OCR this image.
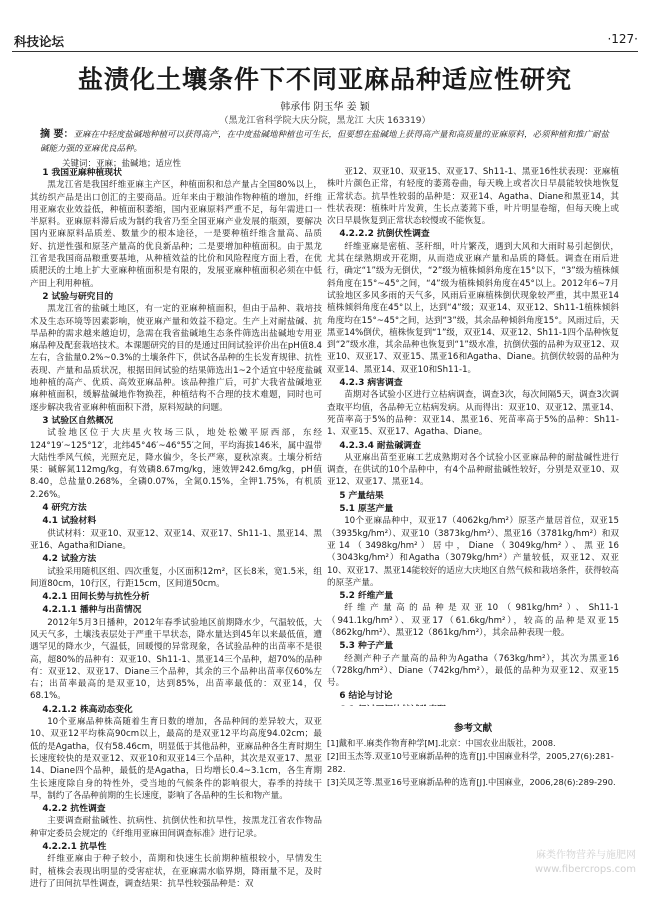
科技论坛	·127·
盐渍化土壤条件下不同亚麻品种适应性研究
韩承伟 阴玉华 姜 颖
（黑龙江省科学院大庆分院，黑龙江 大庆 163319）
摘 要：亚麻在中轻度盐碱地种植可以获得高产，在中度盐碱地种植也可生长，但要想在盐碱地上获得高产量和高质量的亚麻原料，必须种植和推广耐盐碱能力强的亚麻优良品种。
关键词：亚麻；盐碱地；适应性
1 我国亚麻种植现状

黑龙江省是我国纤维亚麻主产区，种植面积和总产量占全国80%以上，其纺织产品是出口创汇的主要商品。近年来由于粮油作物种植的增加，纤维用亚麻农业效益低，种植面积萎缩，国内亚麻原料严重不足，每年需进口一半原料。亚麻原料滞后成为制约我省乃至全国亚麻产业发展的瓶颈，要解决国内亚麻原料品质差、数量少的根本途径，一是要种植纤维含量高、品质好、抗逆性强和原茎产量高的优良新品种；二是要增加种植面积。由于黑龙江省是我国商品粮重要基地，从种植效益的比价和风险程度方面上看，在优质肥沃的土地上扩大亚麻种植面积是有限的，发展亚麻种植面积必须在中低产田上利用种植。

2 试验与研究目的

黑龙江省的盐碱土地区，有一定的亚麻种植面积，但由于品种、栽培技术及生态环境等因素影响，使亚麻产量和效益不稳定。生产上对耐盐碱、抗旱品种的需求越来越迫切，急需在我省盐碱地生态条件筛选出盐碱地专用亚麻品种及配套栽培技术。本课题研究的目的是通过田间试验评价出在pH值8.4左右，含盐量0.2%~0.3%的土壤条件下，供试各品种的生长发育规律、抗性表现、产量和品质状况，根据田间试验的结果筛选出1~2个适宜中轻度盐碱地种植的高产、优质、高效亚麻品种。该品种推广后，可扩大我省盐碱地亚麻种植面积，缓解盐碱地作物换茬，种植结构不合理的技术难题，同时也可逐步解决我省亚麻种植面积下滑，原料短缺的问题。

3 试验区自然概况

试验地区位于大庆星火牧场三队，地处松嫩平原西部，东经124°19′~125°12′，北纬45°46′~46°55′之间，平均海拔146米，属中温带大陆性季风气候，光照充足，降水偏少，冬长严寒，夏秋凉爽。土壤分析结果：碱解氮112mg/kg，有效磷8.67mg/kg，速效钾242.6mg/kg，pH值8.40，总盐量0.268%，全磷0.07%，全氮0.15%，全钾1.75%，有机质2.26%。

4 研究方法
4.1 试验材料

供试材料：双亚10、双亚12、双亚14、双亚17、Sh11-1、黑亚14、黑亚16、Agatha和Diane。

4.2 试验方法

试验采用随机区组、四次重复，小区面积12m²，区长8米，宽1.5米，组间道80cm，10行区，行距15cm，区间道50cm。

4.2.1 田间长势与抗性分析
4.2.1.1 播种与出苗情况

2012年5月3日播种，2012年春季试验地区前期降水少，气温较低，大风天气多，土壤浅表层处于严重干旱状态，降水量达到45年以来最低值，遭遇罕见的降水少，气温低，回暖慢的异常现象，各试验品种的出苗率不是很高，超80%的品种有：双亚10、Sh11-1、黑亚14三个品种，超70%的品种有：双亚12、双亚17、Diane三个品种，其余的三个品种出苗率仅60%左右；出苗率最高的是双亚10，达到85%，出苗率最低的：双亚14，仅68.1%。

4.2.1.2 株高动态变化

10个亚麻品种株高随着生育日数的增加，各品种间的差异较大，双亚10、双亚12平均株高90cm以上，最高的是双亚12平均高度94.02cm；最低的是Agatha，仅有58.46cm，明显低于其他品种，亚麻品种各生育时期生长速度较快的是双亚12、双亚10和双亚14三个品种，其次是双亚17、黑亚14、Diane四个品种，最低的是Agatha，日均增长0.4~3.1cm，各生育期生长速度除自身的特性外，受当地的气候条件的影响很大，春季的持续干旱，制约了各品种前期的生长速度，影响了各品种的生长和物产量。

4.2.2 抗性调查

主要调查耐盐碱性、抗病性、抗倒伏性和抗旱性，按黑龙江省农作物品种审定委员会规定的《纤维用亚麻田间调查标准》进行记录。

4.2.2.1 抗旱性

纤维亚麻由于种子较小，苗期和快速生长前期种植根较小，早情发生时，植株会表现出明显的受害症状，在亚麻需水临界期，降雨量不足，及时进行了田间抗旱性调查，调查结果：抗旱性较强品种是：双

亚12、双亚10、双亚15、双亚17、Sh11-1、黑亚16性状表现：亚麻植株叶片颜色正常，有轻度的萎蔫卷曲，每天晚上或者次日早晨能较快地恢复正常状态。抗旱性较弱的品种是：双亚14、Agatha、Diane和黑亚14，其性状表现：植株叶片发黄，生长点萎蔫下垂，叶片明显卷缩，但每天晚上或次日早晨恢复到正常状态较慢或不能恢复。

4.2.2.2 抗倒伏性调查

纤维亚麻是密植、茎秆细，叶片繁茂，遇到大风和大雨时易引起倒伏，尤其在绿熟期或开花期，从而造成亚麻产量和品质的降低。调查在雨后进行，确定“1”级为无倒伏，“2”级为植株倾斜角度在15°以下，“3”级为植株倾斜角度在15°~45°之间，“4”级为植株倾斜角度在45°以上。2012年6~7月试验地区多风多雨的天气多，风雨后亚麻植株倒伏现象较严重，其中黑亚14植株倾斜角度在45°以上，达到“4”级；双亚14、双亚12、Sh11-1植株倾斜角度均在15°~45°之间，达到“3”级，其余品种倾斜角度15°。风雨过后，天黑亚14%倒伏，植株恢复到“1”级，双亚14、双亚12、Sh11-1四个品种恢复到“2”级水准，其余品种也恢复到“1”级水准，抗倒伏强的品种为双亚12、双亚10、双亚17、双亚15、黑亚16和Agatha、Diane。抗倒伏较弱的品种为双亚14、黑亚14、双亚10和Sh11-1。

4.2.3 病害调查

苗期对各试验小区进行立枯病调查，调查3次，每次间隔5天，调查3次调查取平均值，各品种无立枯病发病。从而得出：双亚10、双亚12、黑亚14、死苗率高于5%的品种：双亚14、黑亚16、死苗率高于5%的品种：Sh11-1、双亚15、双亚17、Agatha、Diane。

4.2.3.4 耐盐碱调查

从亚麻出苗至亚麻工艺成熟期对各个试验小区亚麻品种的耐盐碱性进行调查，在供试的10个品种中，有4个品种耐盐碱性较好，分别是双亚10、双亚12、双亚17、黑亚14。

5 产量结果
5.1 原茎产量

10个亚麻品种中，双亚17（4062kg/hm²）原茎产量居首位，双亚15（3935kg/hm²）、双亚10（3873kg/hm²）、黑亚16（3781kg/hm²）和双亚14（3498kg/hm²）居中，Diane（3049kg/hm²）、黑亚16（3043kg/hm²）和Agatha（3079kg/hm²）产量较低，双亚12、双亚10、双亚17、黑亚14能较好的适应大庆地区自然气候和栽培条件，获得较高的原茎产量。

5.2 纤维产量

纤维产量高的品种是双亚10（981kg/hm²）、Sh11-1（941.1kg/hm²）、双亚17（61.6kg/hm²），较高的品种是双亚15（862kg/hm²）、黑亚12（861kg/hm²），其余品种表现一般。

5.3 种子产量

经测产种子产量高的品种为Agatha（763kg/hm²），其次为黑亚16（728kg/hm²）、Diane（742kg/hm²），最低的品种为双亚12、双亚15号。

6 结论与讨论

参考文献

[1]戴和平.麻类作物育种学[M].北京：中国农业出版社，2008.

[2]田玉杰等.双亚10号亚麻新品种的选育[J].中国麻业科学，2005,27(6):281-282.

[3]关凤芝等.黑亚16号亚麻新品种的选育[J].中国麻业，2006,28(6):289-290.

麻类作物营养与施肥网
www.fibercrops.com
